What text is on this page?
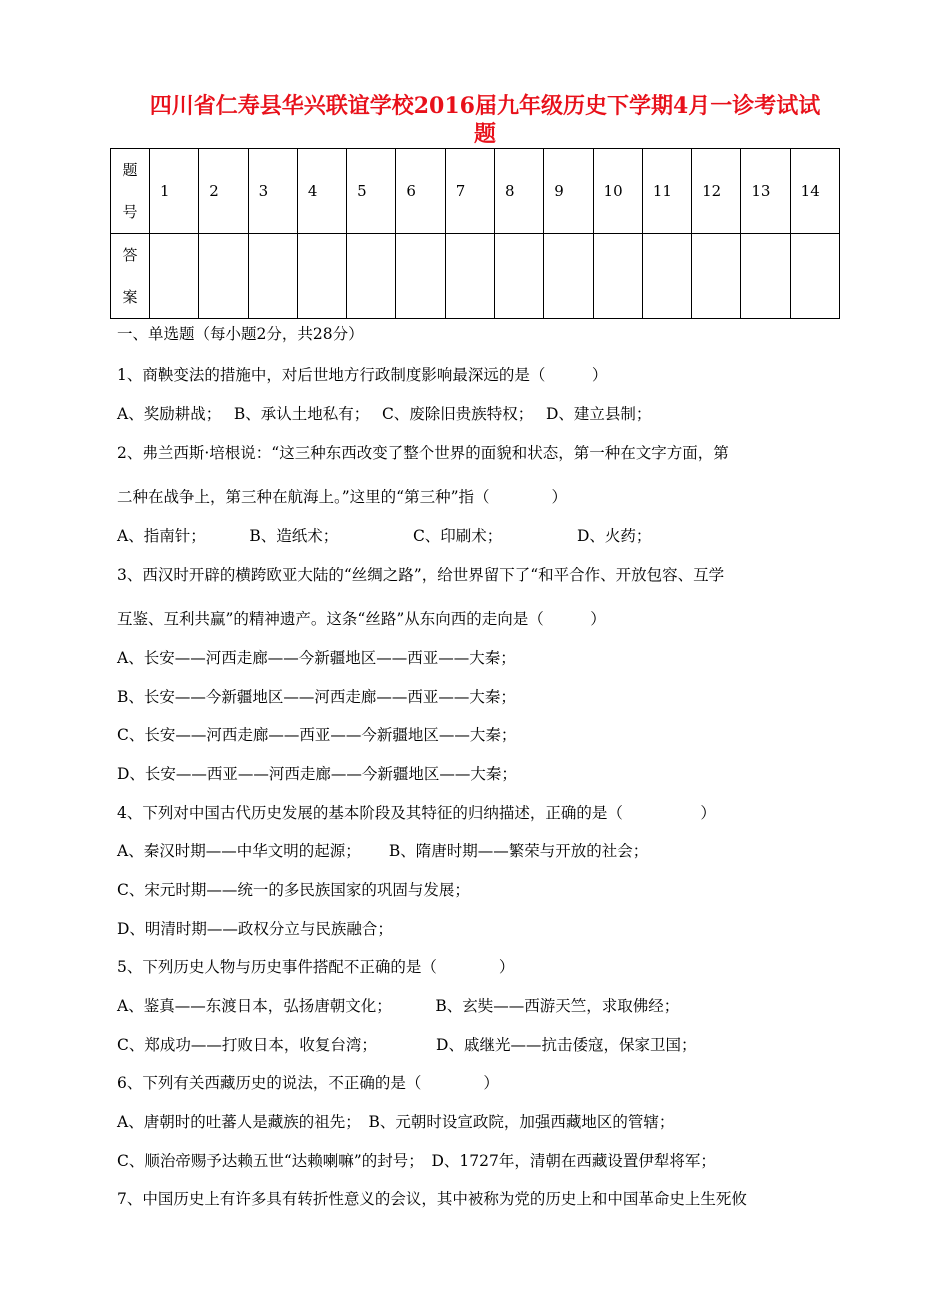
四川省仁寿县华兴联谊学校2016届九年级历史下学期4月一诊考试试
题
题
号	1	2	3	4	5	6	7	8	9	10	11	12	13	14

答
案														

一、单选题（每小题2分，共28分）
1、商鞅变法的措施中，对后世地方行政制度影响最深远的是（　　　）
A、奖励耕战；　 B、承认土地私有；　 C、废除旧贵族特权；　 D、建立县制；
2、弗兰西斯·培根说：“这三种东西改变了整个世界的面貌和状态，第一种在文字方面，第
二种在战争上，第三种在航海上。”这里的“第三种”指（　　　　）
A、指南针；　　　 B、造纸术；　　　　　 C、印刷术；　　　　　 D、火药；
3、西汉时开辟的横跨欧亚大陆的“丝绸之路”，给世界留下了“和平合作、开放包容、互学
互鉴、互利共赢”的精神遗产。这条“丝路”从东向西的走向是（　　　）
A、长安——河西走廊——今新疆地区——西亚——大秦；
B、长安——今新疆地区——河西走廊——西亚——大秦；
C、长安——河西走廊——西亚——今新疆地区——大秦；
D、长安——西亚——河西走廊——今新疆地区——大秦；
4、下列对中国古代历史发展的基本阶段及其特征的归纳描述，正确的是（　　　　　）
A、秦汉时期——中华文明的起源；　　 B、隋唐时期——繁荣与开放的社会；
C、宋元时期——统一的多民族国家的巩固与发展；
D、明清时期——政权分立与民族融合；
5、下列历史人物与历史事件搭配不正确的是（　　　　）
A、鉴真——东渡日本，弘扬唐朝文化；　　　 B、玄奘——西游天竺，求取佛经；
C、郑成功——打败日本，收复台湾；　　　　 D、戚继光——抗击倭寇，保家卫国；
6、下列有关西藏历史的说法，不正确的是（　　　　）
A、唐朝时的吐蕃人是藏族的祖先；　B、元朝时设宣政院，加强西藏地区的管辖；
C、顺治帝赐予达赖五世“达赖喇嘛”的封号；　D、1727年，清朝在西藏设置伊犁将军；
7、中国历史上有许多具有转折性意义的会议，其中被称为党的历史上和中国革命史上生死攸
